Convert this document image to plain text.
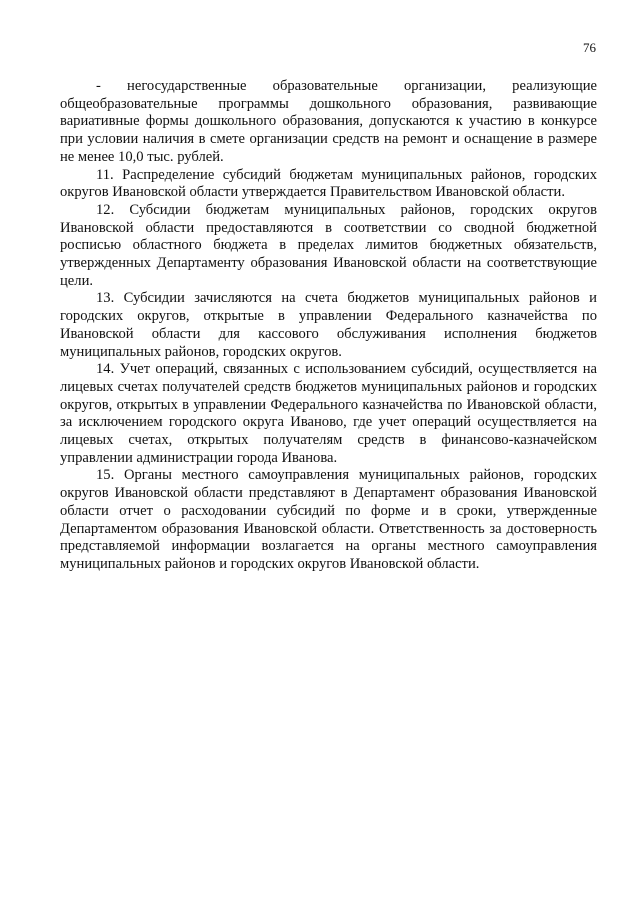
76

- негосударственные образовательные организации, реализующие общеобразовательные программы дошкольного образования, развивающие вариативные формы дошкольного образования, допускаются к участию в конкурсе при условии наличия в смете организации средств на ремонт и оснащение в размере не менее 10,0 тыс. рублей.

11. Распределение субсидий бюджетам муниципальных районов, городских округов Ивановской области утверждается Правительством Ивановской области.

12. Субсидии бюджетам муниципальных районов, городских округов Ивановской области предоставляются в соответствии со сводной бюджетной росписью областного бюджета в пределах лимитов бюджетных обязательств, утвержденных Департаменту образования Ивановской области на соответствующие цели.

13. Субсидии зачисляются на счета бюджетов муниципальных районов и городских округов, открытые в управлении Федерального казначейства по Ивановской области для кассового обслуживания исполнения бюджетов муниципальных районов, городских округов.

14. Учет операций, связанных с использованием субсидий, осуществляется на лицевых счетах получателей средств бюджетов муниципальных районов и городских округов, открытых в управлении Федерального казначейства по Ивановской области, за исключением городского округа Иваново, где учет операций осуществляется на лицевых счетах, открытых получателям средств в финансово-казначейском управлении администрации города Иванова.

15. Органы местного самоуправления муниципальных районов, городских округов Ивановской области представляют в Департамент образования Ивановской области отчет о расходовании субсидий по форме и в сроки, утвержденные Департаментом образования Ивановской области. Ответственность за достоверность представляемой информации возлагается на органы местного самоуправления муниципальных районов и городских округов Ивановской области.
